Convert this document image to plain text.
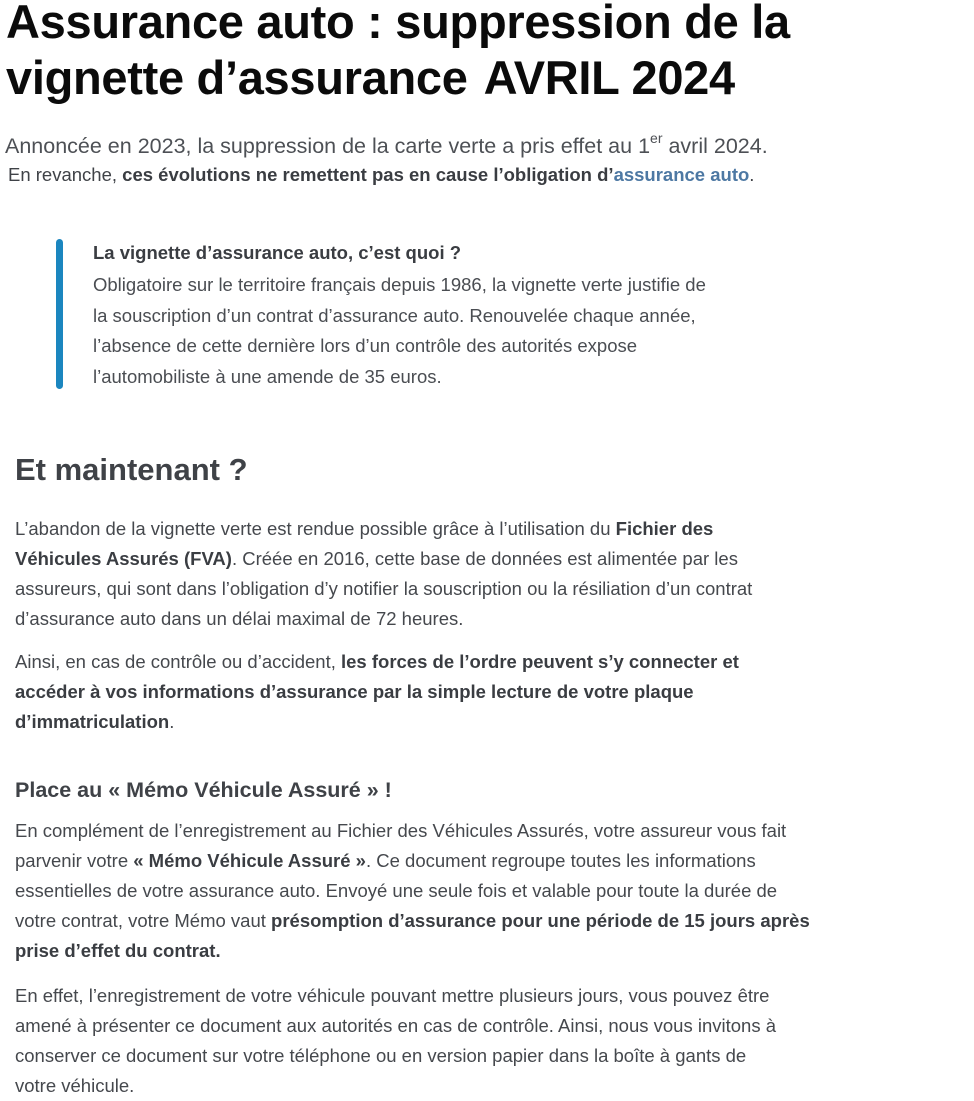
Assurance auto : suppression de la
vignette d’assurance AVRIL 2024

Annoncée en 2023, la suppression de la carte verte a pris effet au 1er avril 2024.

En revanche, ces évolutions ne remettent pas en cause l’obligation d’assurance auto.

La vignette d’assurance auto, c’est quoi ?

Obligatoire sur le territoire français depuis 1986, la vignette verte justifie de
la souscription d’un contrat d’assurance auto. Renouvelée chaque année,
l’absence de cette dernière lors d’un contrôle des autorités expose
l’automobiliste à une amende de 35 euros.

Et maintenant ?

L’abandon de la vignette verte est rendue possible grâce à l’utilisation du Fichier des
Véhicules Assurés (FVA). Créée en 2016, cette base de données est alimentée par les
assureurs, qui sont dans l’obligation d’y notifier la souscription ou la résiliation d’un contrat
d’assurance auto dans un délai maximal de 72 heures.

Ainsi, en cas de contrôle ou d’accident, les forces de l’ordre peuvent s’y connecter et
accéder à vos informations d’assurance par la simple lecture de votre plaque
d’immatriculation.

Place au « Mémo Véhicule Assuré » !

En complément de l’enregistrement au Fichier des Véhicules Assurés, votre assureur vous fait
parvenir votre « Mémo Véhicule Assuré ». Ce document regroupe toutes les informations
essentielles de votre assurance auto. Envoyé une seule fois et valable pour toute la durée de
votre contrat, votre Mémo vaut présomption d’assurance pour une période de 15 jours après
prise d’effet du contrat.

En effet, l’enregistrement de votre véhicule pouvant mettre plusieurs jours, vous pouvez être
amené à présenter ce document aux autorités en cas de contrôle. Ainsi, nous vous invitons à
conserver ce document sur votre téléphone ou en version papier dans la boîte à gants de
votre véhicule.
